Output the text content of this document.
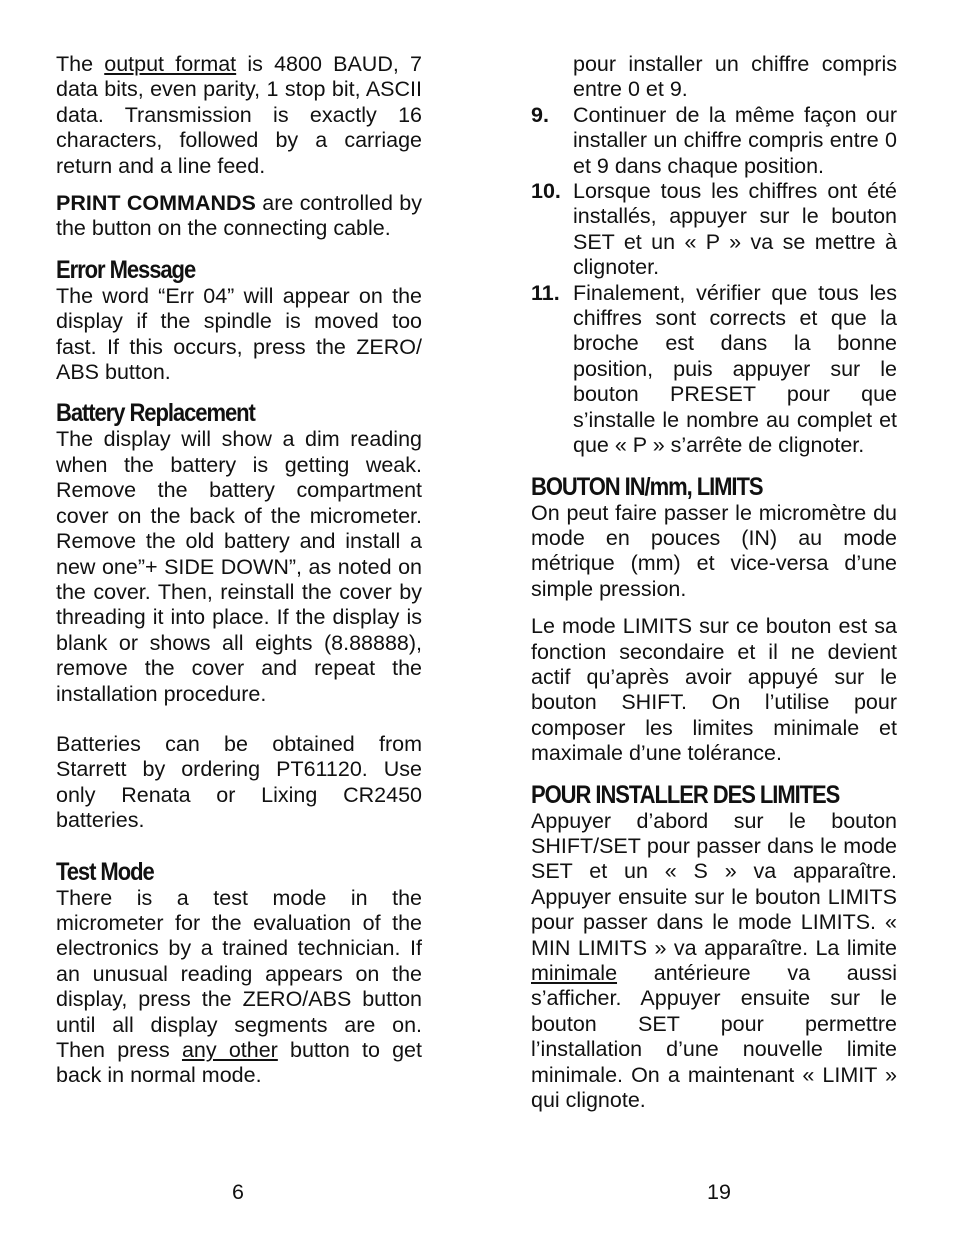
The output format is 4800 BAUD, 7 data bits, even parity, 1 stop bit, ASCII data. Transmission is exactly 16 characters, followed by a carriage return and a line feed.

PRINT COMMANDS are controlled by the button on the connecting cable.

Error Message

The word “Err 04” will appear on the display if the spindle is moved too fast. If this occurs, press the ZERO/ ABS button.

Battery Replacement

The display will show a dim reading when the battery is getting weak. Remove the battery compartment cover on the back of the micrometer. Remove the old battery and install a new one”+ SIDE DOWN”, as noted on the cover. Then, reinstall the cover by threading it into place. If the display is blank or shows all eights (8.88888), remove the cover and repeat the installation procedure.

Batteries can be obtained from Starrett by ordering PT61120. Use only Renata or Lixing CR2450 batteries.

Test Mode

There is a test mode in the micrometer for the evaluation of the electronics by a trained technician. If an unusual reading appears on the display, press the ZERO/ABS button until all display segments are on. Then press any other button to get back in normal mode.

pour installer un chiffre compris entre 0 et 9.

9.	Continuer de la même façon our installer un chiffre compris entre 0 et 9 dans chaque position.
10. Lorsque tous les chiffres ont été installés, appuyer sur le bouton SET et un « P » va se mettre à clignoter.
11. Finalement, vérifier que tous les chiffres sont corrects et que la broche est dans la bonne position, puis appuyer sur le bouton PRESET pour que s’installe le nombre au complet et que « P » s’arrête de clignoter.
BOUTON IN/mm, LIMITS

On peut faire passer le micromètre du mode en pouces (IN) au mode métrique (mm) et vice-versa d’une simple pression.

Le mode LIMITS sur ce bouton est sa fonction secondaire et il ne devient actif qu’après avoir appuyé sur le bouton SHIFT. On l’utilise pour composer les limites minimale et maximale d’une tolérance.

POUR INSTALLER DES LIMITES

Appuyer d’abord sur le bouton SHIFT/SET pour passer dans le mode SET et un « S » va apparaître. Appuyer ensuite sur le bouton LIMITS pour passer dans le mode LIMITS. « MIN LIMITS » va apparaître. La limite minimale antérieure va aussi s’afficher. Appuyer ensuite sur le bouton SET pour permettre l’installation d’une nouvelle limite minimale. On a maintenant « LIMIT » qui clignote.

6	19
